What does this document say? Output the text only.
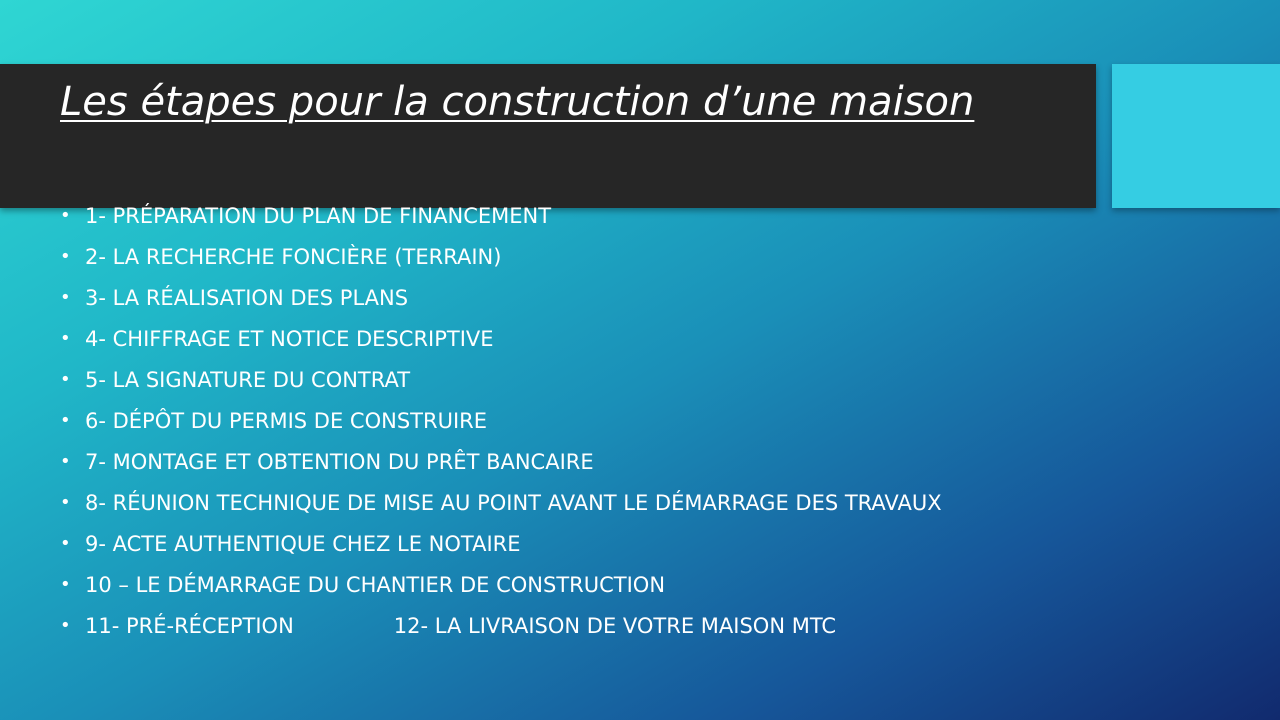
Les étapes pour la construction d’une maison
• 1- PRÉPARATION DU PLAN DE FINANCEMENT
• 2- LA RECHERCHE FONCIÈRE (TERRAIN)
• 3- LA RÉALISATION DES PLANS
• 4- CHIFFRAGE ET NOTICE DESCRIPTIVE
• 5- LA SIGNATURE DU CONTRAT
• 6- DÉPÔT DU PERMIS DE CONSTRUIRE
• 7- MONTAGE ET OBTENTION DU PRÊT BANCAIRE
• 8- RÉUNION TECHNIQUE DE MISE AU POINT AVANT LE DÉMARRAGE DES TRAVAUX
• 9- ACTE AUTHENTIQUE CHEZ LE NOTAIRE
• 10 – LE DÉMARRAGE DU CHANTIER DE CONSTRUCTION
• 11- PRÉ-RÉCEPTION	12- LA LIVRAISON DE VOTRE MAISON MTC
